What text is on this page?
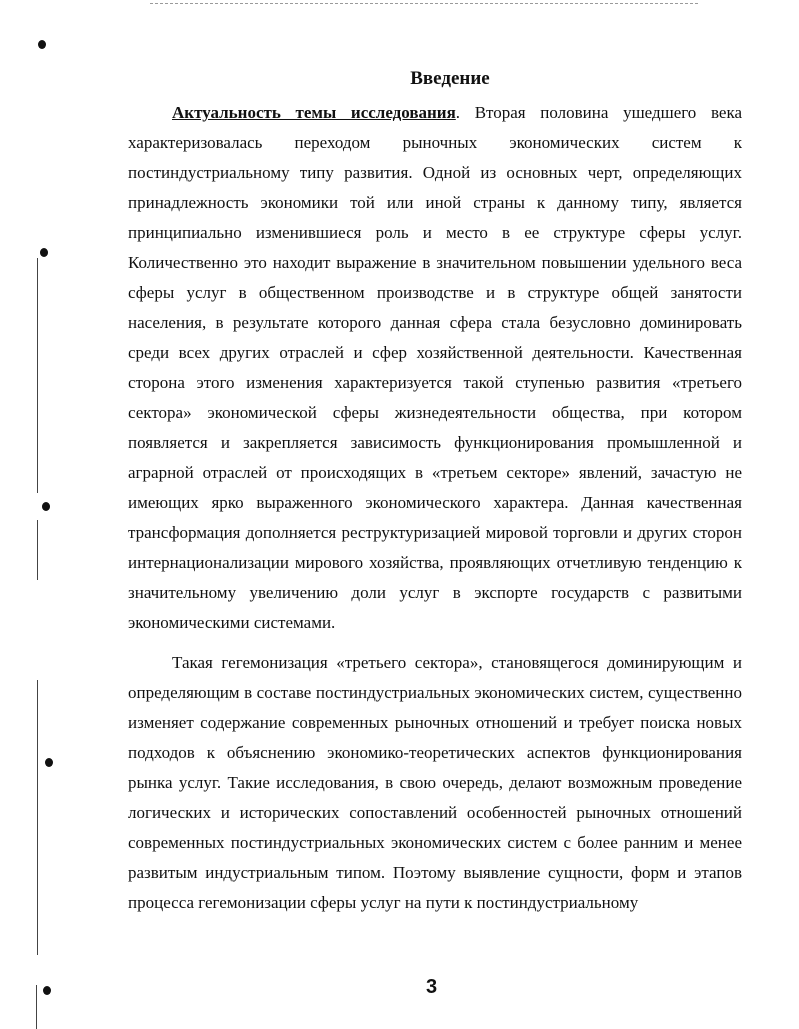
Введение

Актуальность темы исследования. Вторая половина ушедшего века характеризовалась переходом рыночных экономических систем к постиндустриальному типу развития. Одной из основных черт, определяющих принадлежность экономики той или иной страны к данному типу, является принципиально изменившиеся роль и место в ее структуре сферы услуг. Количественно это находит выражение в значительном повышении удельного веса сферы услуг в общественном производстве и в структуре общей занятости населения, в результате которого данная сфера стала безусловно доминировать среди всех других отраслей и сфер хозяйственной деятельности. Качественная сторона этого изменения характеризуется такой ступенью развития «третьего сектора» экономической сферы жизнедеятельности общества, при котором появляется и закрепляется зависимость функционирования промышленной и аграрной отраслей от происходящих в «третьем секторе» явлений, зачастую не имеющих ярко выраженного экономического характера. Данная качественная трансформация дополняется реструктуризацией мировой торговли и других сторон интернационализации мирового хозяйства, проявляющих отчетливую тенденцию к значительному увеличению доли услуг в экспорте государств с развитыми экономическими системами.

Такая гегемонизация «третьего сектора», становящегося доминирующим и определяющим в составе постиндустриальных экономических систем, существенно изменяет содержание современных рыночных отношений и требует поиска новых подходов к объяснению экономико-теоретических аспектов функционирования рынка услуг. Такие исследования, в свою очередь, делают возможным проведение логических и исторических сопоставлений особенностей рыночных отношений современных постиндустриальных экономических систем с более ранним и менее развитым индустриальным типом. Поэтому выявление сущности, форм и этапов процесса гегемонизации сферы услуг на пути к постиндустриальному

3
